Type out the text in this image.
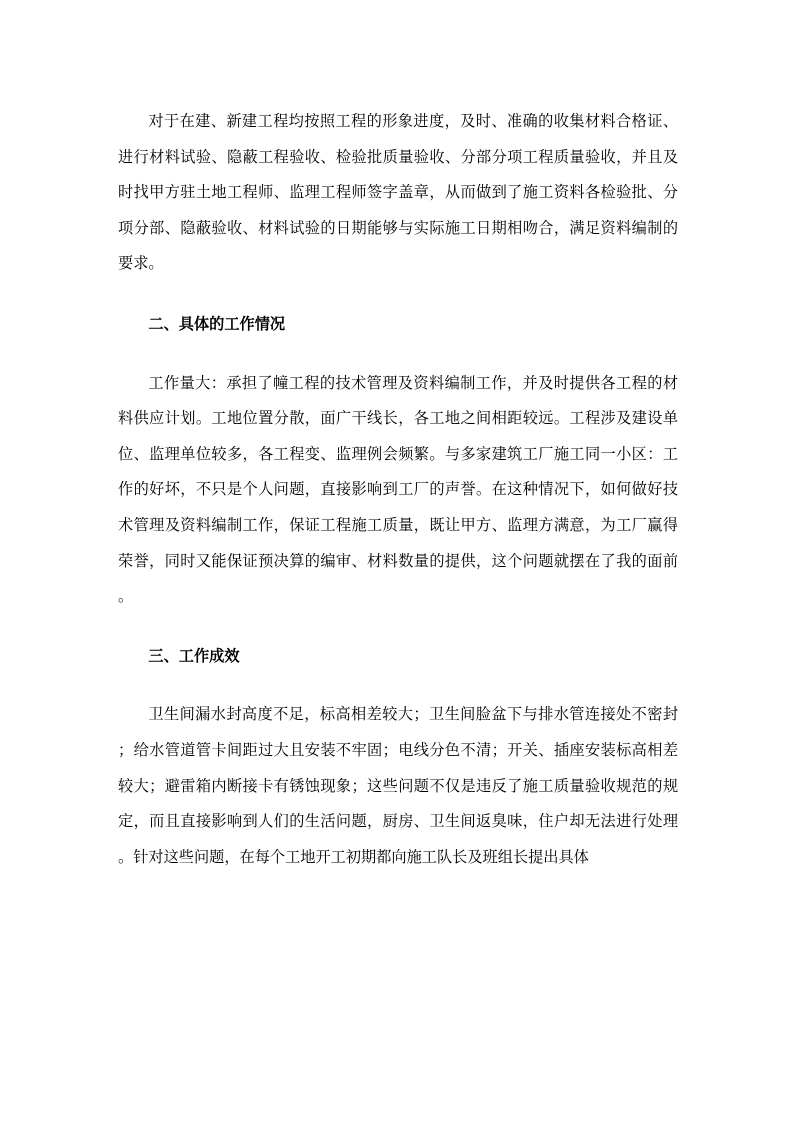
对于在建、新建工程均按照工程的形象进度，及时、准确的收集材料合格证、进行材料试验、隐蔽工程验收、检验批质量验收、分部分项工程质量验收，并且及时找甲方驻土地工程师、监理工程师签字盖章，从而做到了施工资料各检验批、分项分部、隐蔽验收、材料试验的日期能够与实际施工日期相吻合，满足资料编制的要求。

二、具体的工作情况

工作量大：承担了幢工程的技术管理及资料编制工作，并及时提供各工程的材料供应计划。工地位置分散，面广干线长，各工地之间相距较远。工程涉及建设单位、监理单位较多，各工程变、监理例会频繁。与多家建筑工厂施工同一小区：工作的好坏，不只是个人问题，直接影响到工厂的声誉。在这种情况下，如何做好技术管理及资料编制工作，保证工程施工质量，既让甲方、监理方满意，为工厂赢得荣誉，同时又能保证预决算的编审、材料数量的提供，这个问题就摆在了我的面前。

三、工作成效

卫生间漏水封高度不足，标高相差较大；卫生间脸盆下与排水管连接处不密封；给水管道管卡间距过大且安装不牢固；电线分色不清；开关、插座安装标高相差较大；避雷箱内断接卡有锈蚀现象；这些问题不仅是违反了施工质量验收规范的规定，而且直接影响到人们的生活问题，厨房、卫生间返臭味，住户却无法进行处理。针对这些问题，在每个工地开工初期都向施工队长及班组长提出具体
